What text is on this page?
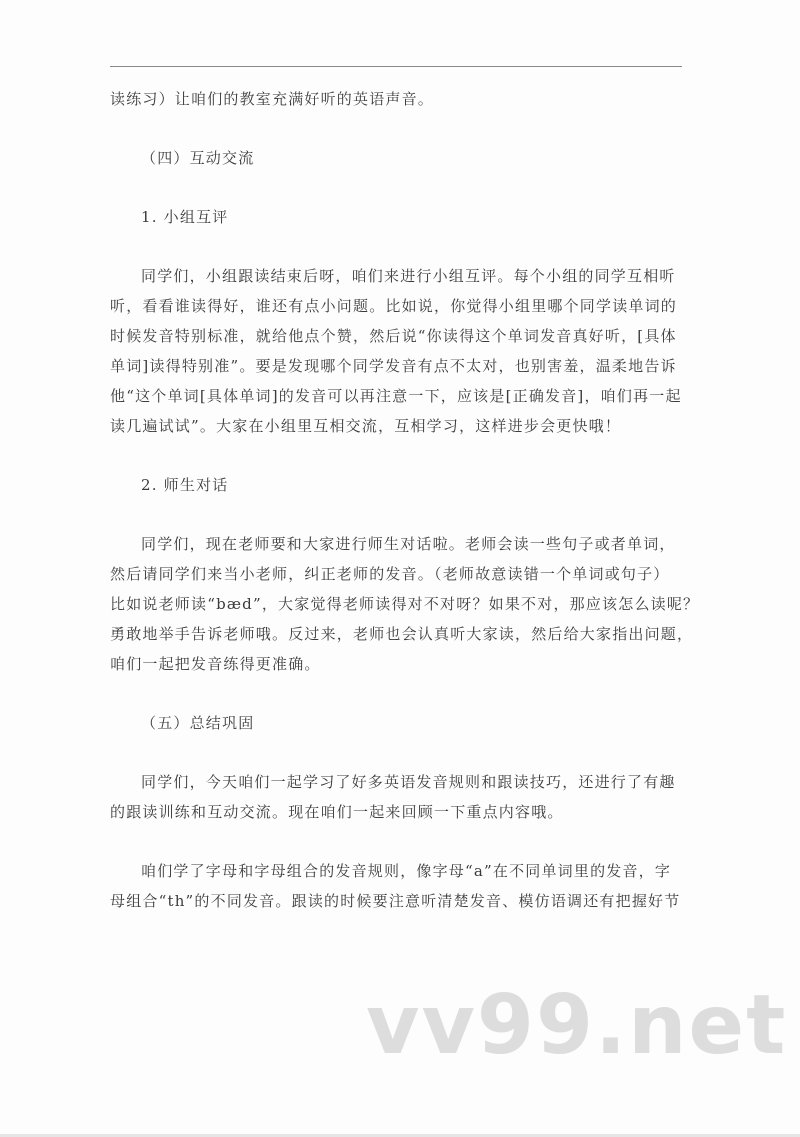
读练习）让咱们的教室充满好听的英语声音。

（四）互动交流

1. 小组互评

同学们，小组跟读结束后呀，咱们来进行小组互评。每个小组的同学互相听

听，看看谁读得好，谁还有点小问题。比如说，你觉得小组里哪个同学读单词的

时候发音特别标准，就给他点个赞，然后说“你读得这个单词发音真好听，[具体

单词]读得特别准”。要是发现哪个同学发音有点不太对，也别害羞，温柔地告诉

他“这个单词[具体单词]的发音可以再注意一下，应该是[正确发音]，咱们再一起

读几遍试试”。大家在小组里互相交流，互相学习，这样进步会更快哦！

2. 师生对话

同学们，现在老师要和大家进行师生对话啦。老师会读一些句子或者单词，

然后请同学们来当小老师，纠正老师的发音。（老师故意读错一个单词或句子）

比如说老师读“bæd”，大家觉得老师读得对不对呀？如果不对，那应该怎么读呢？

勇敢地举手告诉老师哦。反过来，老师也会认真听大家读，然后给大家指出问题，

咱们一起把发音练得更准确。

（五）总结巩固

同学们，今天咱们一起学习了好多英语发音规则和跟读技巧，还进行了有趣

的跟读训练和互动交流。现在咱们一起来回顾一下重点内容哦。

咱们学了字母和字母组合的发音规则，像字母“a”在不同单词里的发音，字

母组合“th”的不同发音。跟读的时候要注意听清楚发音、模仿语调还有把握好节

vv99.net
